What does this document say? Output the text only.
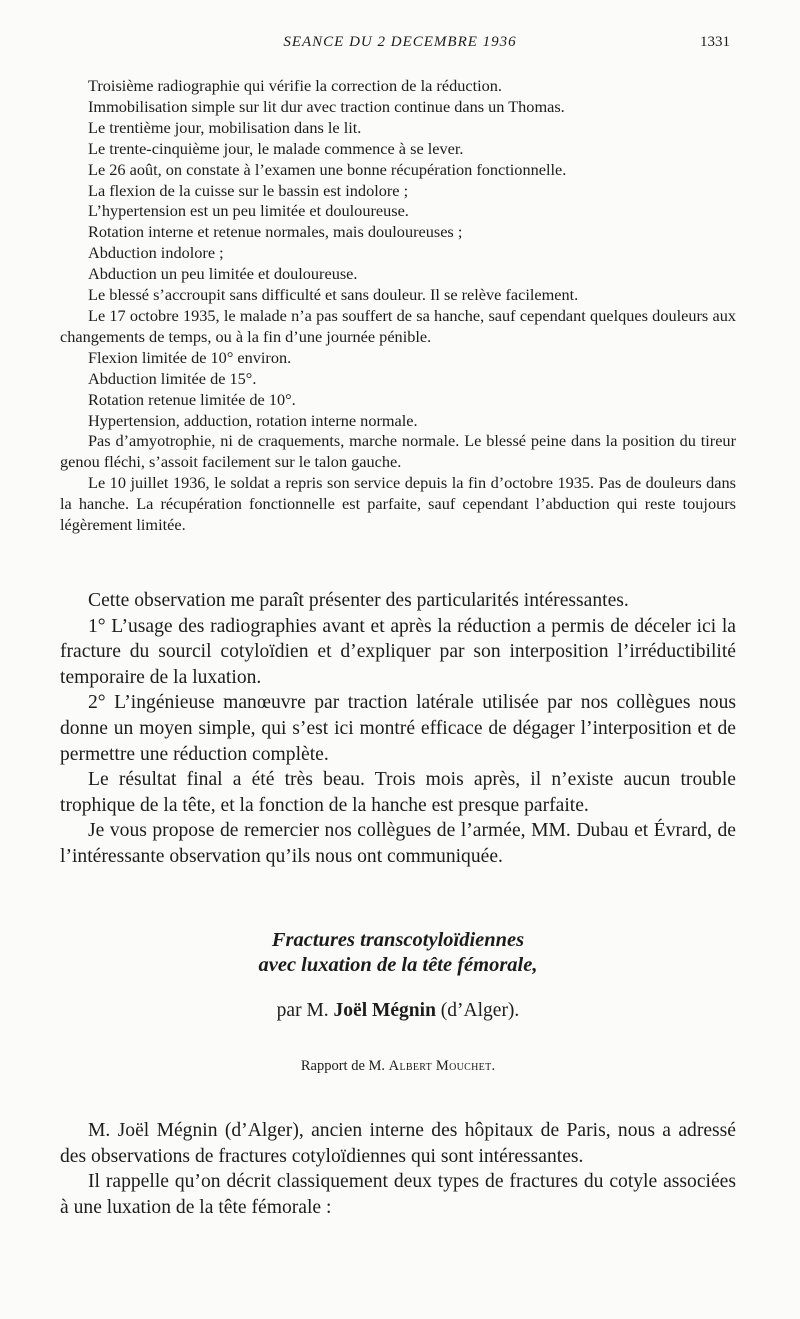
SEANCE DU 2 DECEMBRE 1936	1331

Troisième radiographie qui vérifie la correction de la réduction.

Immobilisation simple sur lit dur avec traction continue dans un Thomas.

Le trentième jour, mobilisation dans le lit.

Le trente-cinquième jour, le malade commence à se lever.

Le 26 août, on constate à l’examen une bonne récupération fonctionnelle.

La flexion de la cuisse sur le bassin est indolore ;

L’hypertension est un peu limitée et douloureuse.

Rotation interne et retenue normales, mais douloureuses ;

Abduction indolore ;

Abduction un peu limitée et douloureuse.

Le blessé s’accroupit sans difficulté et sans douleur. Il se relève facilement.

Le 17 octobre 1935, le malade n’a pas souffert de sa hanche, sauf cependant quelques douleurs aux changements de temps, ou à la fin d’une journée pénible.

Flexion limitée de 10° environ.

Abduction limitée de 15°.

Rotation retenue limitée de 10°.

Hypertension, adduction, rotation interne normale.

Pas d’amyotrophie, ni de craquements, marche normale. Le blessé peine dans la position du tireur genou fléchi, s’assoit facilement sur le talon gauche.

Le 10 juillet 1936, le soldat a repris son service depuis la fin d’octobre 1935. Pas de douleurs dans la hanche. La récupération fonctionnelle est parfaite, sauf cependant l’abduction qui reste toujours légèrement limitée.

Cette observation me paraît présenter des particularités intéressantes.

1° L’usage des radiographies avant et après la réduction a permis de déceler ici la fracture du sourcil cotyloïdien et d’expliquer par son interposition l’irréductibilité temporaire de la luxation.

2° L’ingénieuse manœuvre par traction latérale utilisée par nos collègues nous donne un moyen simple, qui s’est ici montré efficace de dégager l’interposition et de permettre une réduction complète.

Le résultat final a été très beau. Trois mois après, il n’existe aucun trouble trophique de la tête, et la fonction de la hanche est presque parfaite.

Je vous propose de remercier nos collègues de l’armée, MM. Dubau et Évrard, de l’intéressante observation qu’ils nous ont communiquée.

Fractures transcotyloïdiennes
avec luxation de la tête fémorale,
par M. Joël Mégnin (d’Alger).
Rapport de M. Albert Mouchet.

M. Joël Mégnin (d’Alger), ancien interne des hôpitaux de Paris, nous a adressé des observations de fractures cotyloïdiennes qui sont intéressantes.

Il rappelle qu’on décrit classiquement deux types de fractures du cotyle associées à une luxation de la tête fémorale :
